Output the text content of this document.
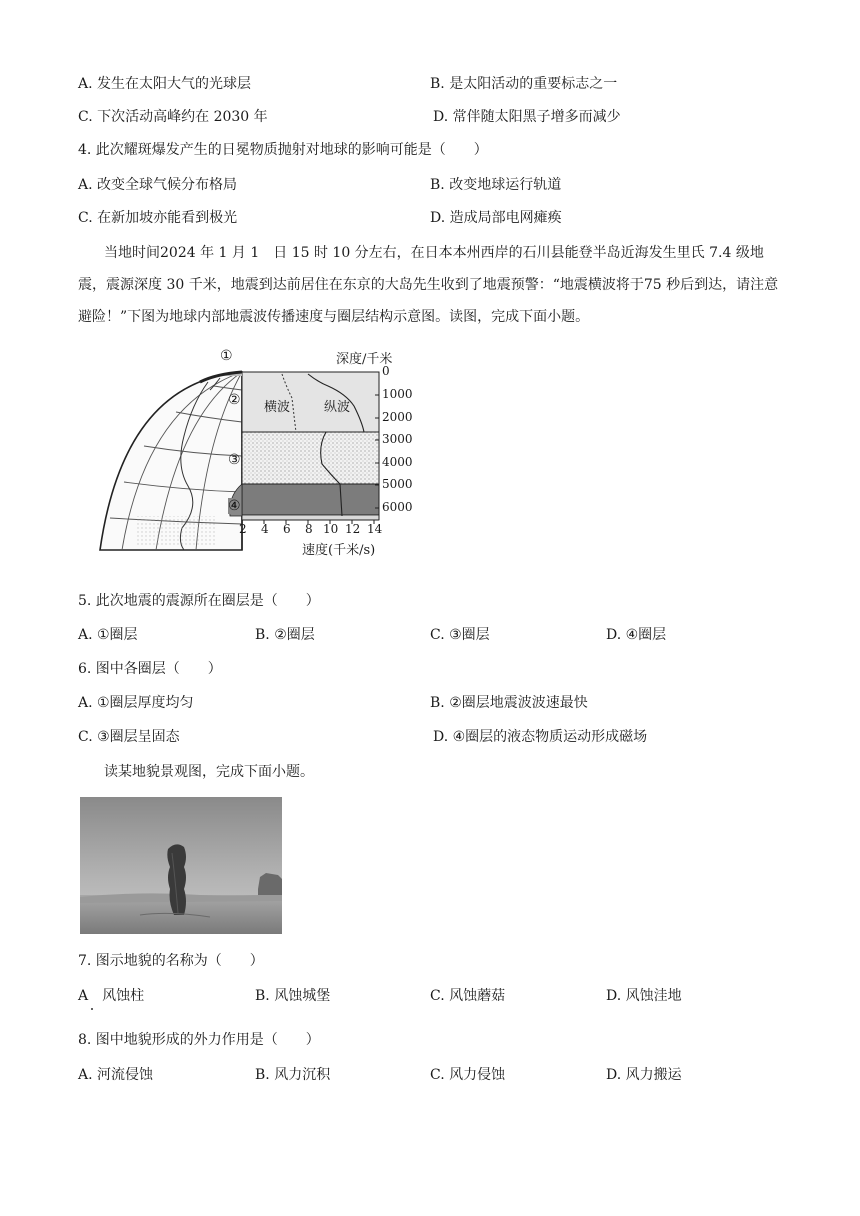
A. 发生在太阳大气的光球层	B. 是太阳活动的重要标志之一
C. 下次活动高峰约在 2030 年	D. 常伴随太阳黑子增多而减少
4. 此次耀斑爆发产生的日冕物质抛射对地球的影响可能是（　　）
A. 改变全球气候分布格局	B. 改变地球运行轨道
C. 在新加坡亦能看到极光	D. 造成局部电网瘫痪
当地时间2024 年 1 月 1　日 15 时 10 分左右，在日本本州西岸的石川县能登半岛近海发生里氏 7.4 级地震，震源深度 30 千米，地震到达前居住在东京的大岛先生收到了地震预警：“地震横波将于75 秒后到达，请注意避险！”下图为地球内部地震波传播速度与圈层结构示意图。读图，完成下面小题。
①
②
③
④
深度/千米
横波	纵波
0
1000
2000
3000
4000
5000
6000
2 4 6 8 10 12 14
速度(千米/s)
5. 此次地震的震源所在圈层是（　　）
A. ①圈层	B. ②圈层	C. ③圈层	D. ④圈层
6. 图中各圈层（　　）
A. ①圈层厚度均匀	B. ②圈层地震波波速最快
C. ③圈层呈固态	D. ④圈层的液态物质运动形成磁场
读某地貌景观图，完成下面小题。
7. 图示地貌的名称为（　　）
A　风蚀柱	B. 风蚀城堡	C. 风蚀蘑菇	D. 风蚀洼地
8. 图中地貌形成的外力作用是（　　）
A. 河流侵蚀	B. 风力沉积	C. 风力侵蚀	D. 风力搬运
